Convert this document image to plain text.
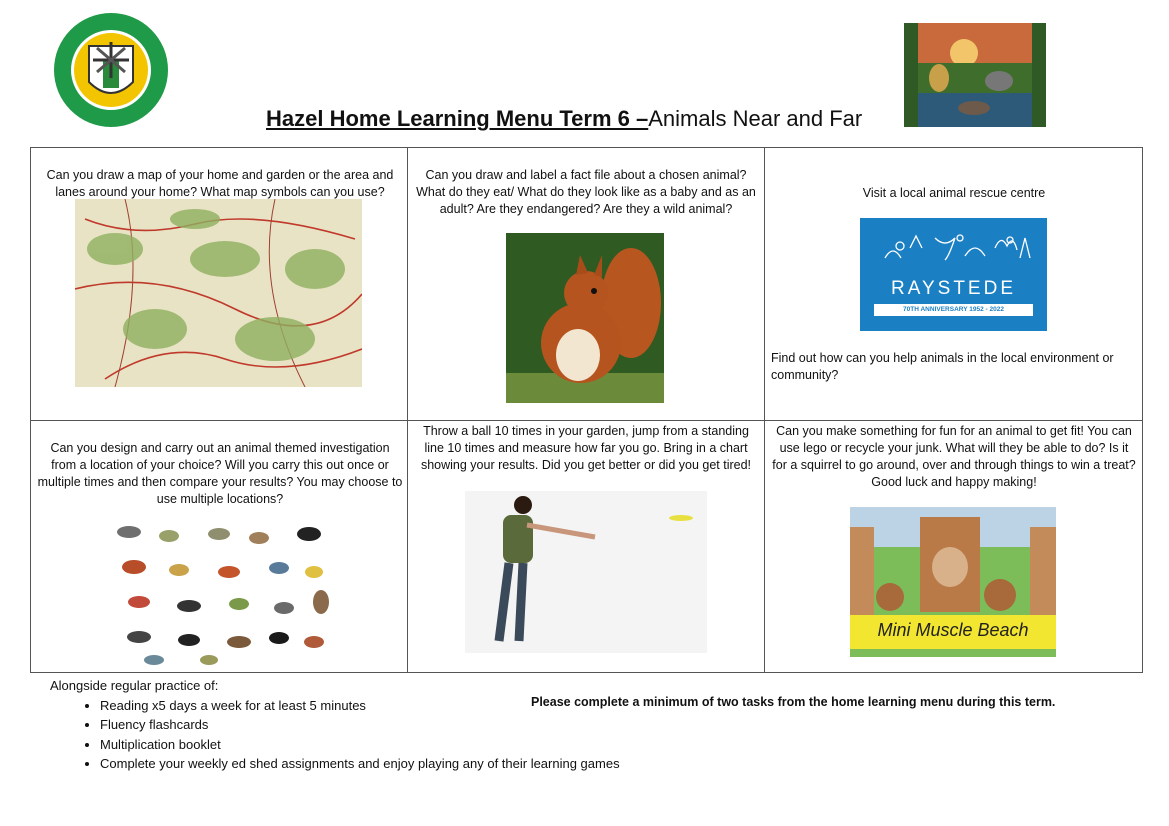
Hazel Home Learning Menu Term 6 –Animals Near and Far
Can you draw a map of your home and garden or the area and lanes around your home? What map symbols can you use?
Can you draw and label a fact file about a chosen animal? What do they eat/ What do they look like as a baby and as an adult? Are they endangered? Are they a wild animal?
Visit a local animal rescue centre
RAYSTEDE
70TH ANNIVERSARY 1952 - 2022
Find out how can you help animals in the local environment or community?
Can you design and carry out an animal themed investigation from a location of your choice? Will you carry this out once or multiple times and then compare your results? You may choose to use multiple locations?
Throw a ball 10 times in your garden, jump from a standing line 10 times and measure how far you go. Bring in a chart showing your results. Did you get better or did you get tired!
Can you make something for fun for an animal to get fit! You can use lego or recycle your junk. What will they be able to do? Is it for a squirrel to go around, over and through things to win a treat? Good luck and happy making!
Mini Muscle Beach
Alongside regular practice of:
• Reading x5 days a week for at least 5 minutes
• Fluency flashcards
• Multiplication booklet
• Complete your weekly ed shed assignments and enjoy playing any of their learning games
Please complete a minimum of two tasks from the home learning menu during this term.
